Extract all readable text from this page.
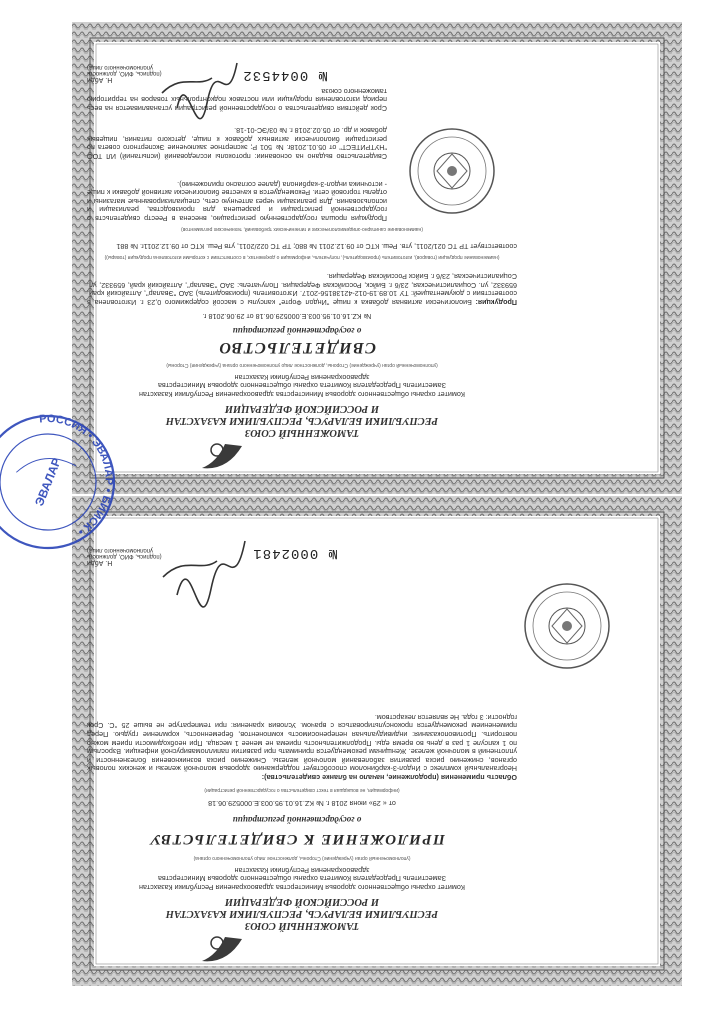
ТАМОЖЕННЫЙ СОЮЗ
РЕСПУБЛИКИ БЕЛАРУСЬ, РЕСПУБЛИКИ КАЗАХСТАН
И РОССИЙСКОЙ ФЕДЕРАЦИИ
Комитет охраны общественного здоровья Министерства здравоохранения Республики Казахстан
Заместитель Председателя Комитета охраны общественного здоровья Министерства
здравоохранения Республики Казахстан
(уполномоченный орган (учреждение) Стороны, должностное лицо уполномоченного органа (учреждения) Стороны)
СВИДЕТЕЛЬСТВО
о государственной регистрации
№ KZ.16.01.95.003.Е.000529.06.18 от 29.06.2018 г.
Продукция: Биологически активная добавка к пище "Индол Форте" капсулы с массой содержимого 0,23 г. Изготовлена в соответствии с документацией: ТУ 10.89.19-012-42138156-2017. Изготовитель (производитель) ЗАО "Эвалар", Алтайский край, 659332, ул. Социалистическая, 23/6 г. Бийск, Российская Федерация. Получатель: ЗАО "Эвалар", Алтайский край, 659332, ул. Социалистическая, 23/6 г. Бийск Российская Федерация.
(наименование продукции (товаров), изготовитель (производитель), получатель, информация о документах, в соответствии с которыми изготовлена продукция (товары))
соответствует ТР ТС 021/2011, утв. Реш. КТС от 09.12.2011 № 880; ТР ТС 022/2011, утв Реш. КТС от 09.12.2011г. № 881
(наименование санитарно-эпидемиологических и гигиенических требований, технических регламентов)
Продукция прошла государственную регистрацию, внесена в Реестр свидетельств о государственной регистрации и разрешена для производства, реализации и использования. Для реализации через аптечную сеть, специализированные магазины и отделы торговой сети. Рекомендуется в качестве биологически активной добавки к пище - источника индол-3-карбинола (далее согласно приложению).
Свидетельство выдано на основании: протоколы исследований (испытаний) ИЛ ТОО "НУТРИТЕСТ" от 05.01.2018г. № 501 Р; экспертное заключение Экспертного совета по регистрации биологически активных добавок к пище, детского питания, пищевых добавок и др. от 05.02.2018 г. № 03/ЭС-01-18.
Срок действия свидетельства о государственной регистрации устанавливается на весь период изготовления продукции или поставок подконтрольных товаров на территорию таможенного союза
Н. Абди
(подпись, ФИО, должность уполномоченного лица)	№ 0044532
ТАМОЖЕННЫЙ СОЮЗ
РЕСПУБЛИКИ БЕЛАРУСЬ, РЕСПУБЛИКИ КАЗАХСТАН
И РОССИЙСКОЙ ФЕДЕРАЦИИ
Комитет охраны общественного здоровья Министерства здравоохранения Республики Казахстан
Заместитель Председателя Комитета охраны общественного здоровья Министерства
здравоохранения Республики Казахстан
(уполномоченный орган (учреждение) Стороны, должностное лицо уполномоченного органа)
ПРИЛОЖЕНИЕ К СВИДЕТЕЛЬСТВУ
о государственной регистрации
от « 29» июня 2018 г. № KZ.16.01.95.003.Е.000529.06.18
(информация, не вошедшая в текст свидетельства о государственной регистрации)
Область применения (продолжение, начало на бланке свидетельства):
Неорганальный комплекс с Индол-3-карбинолом способствует поддержанию здоровья молочной железы и женских половых органов, снижению риска развития заболеваний молочной железы. Снижению риска возникновения болезненности и уплотнений в молочной железе. Женщинам рекомендуется принимать при развитии папилломавирусной инфекции. Взрослым по 1 капсуле 1 раз в день во время еды. Продолжительность приема не менее 1 месяца. При необходимости прием можно повторить. Противопоказания: индивидуальная непереносимость компонентов, беременность, кормление грудью. Перед применением рекомендуется проконсультироваться с врачом. Условия хранения: при температуре не выше 25 °С. Срок годности: 3 года. Не является лекарством.
Н. Абди
(подпись, ФИО, должность уполномоченного лица)	№ 0002481
РОССИЯ • ЭВАЛАР • БИЙСК •
ЭВАЛАР
